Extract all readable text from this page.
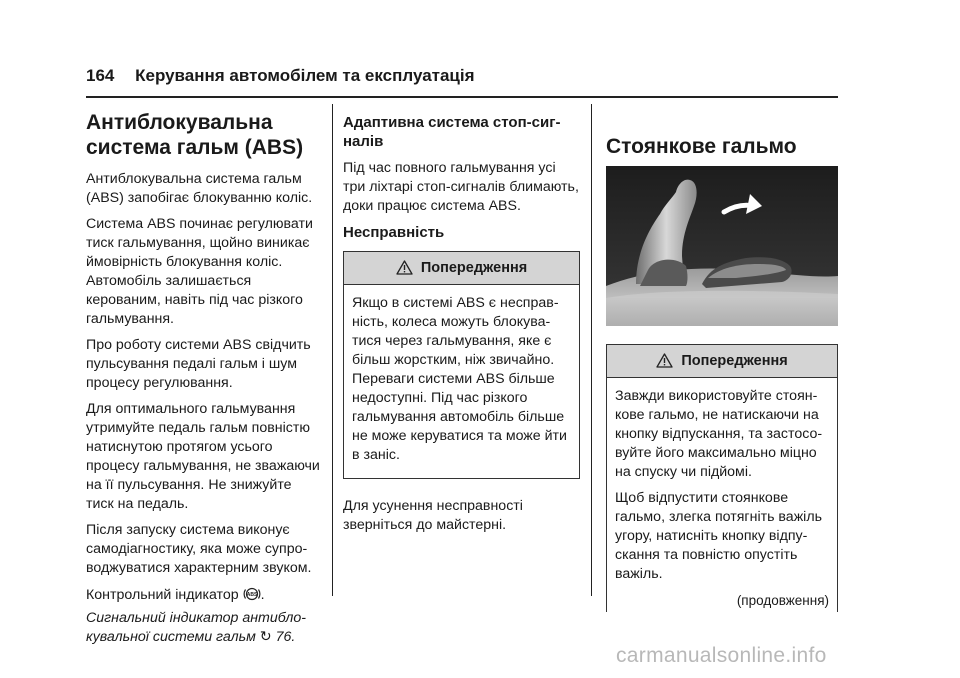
164 Керування автомобілем та експлуатація
Антиблокувальна система гальм (ABS)

Антиблокувальна система гальм (ABS) запобігає блокуванню коліс.

Система ABS починає регулювати тиск гальмування, щойно виникає ймовірність блокування коліс. Автомобіль залишається керованим, навіть під час різкого гальмування.

Про роботу системи ABS свідчить пульсування педалі гальм і шум процесу регулювання.

Для оптимального гальмування утримуйте педаль гальм повністю натиснутою протягом усього процесу гальмування, не зважаючи на її пульсування. Не знижуйте тиск на педаль.

Після запуску система виконує самодіагностику, яка може супроводжуватися характерним звуком.

Контрольний індикатор ABS .

Сигнальний індикатор антиблокувальної системи гальм ↻ 76.

Адаптивна система стоп-сигналів

Під час повного гальмування усі три ліхтарі стоп-сигналів блимають, доки працює система ABS.

Несправність
Попередження

Якщо в системі ABS є несправність, колеса можуть блокуватися через гальмування, яке є більш жорстким, ніж звичайно. Переваги системи ABS більше недоступні. Під час різкого гальмування автомобіль більше не може керуватися та може йти в заніс.

Для усунення несправності зверніться до майстерні.

Стоянкове гальмо
Попередження

Завжди використовуйте стоянкове гальмо, не натискаючи на кнопку відпускання, та застосовуйте його максимально міцно на спуску чи підйомі.

Щоб відпустити стоянкове гальмо, злегка потягніть важіль угору, натисніть кнопку відпускання та повністю опустіть важіль.

(продовження)
carmanualsonline.info
